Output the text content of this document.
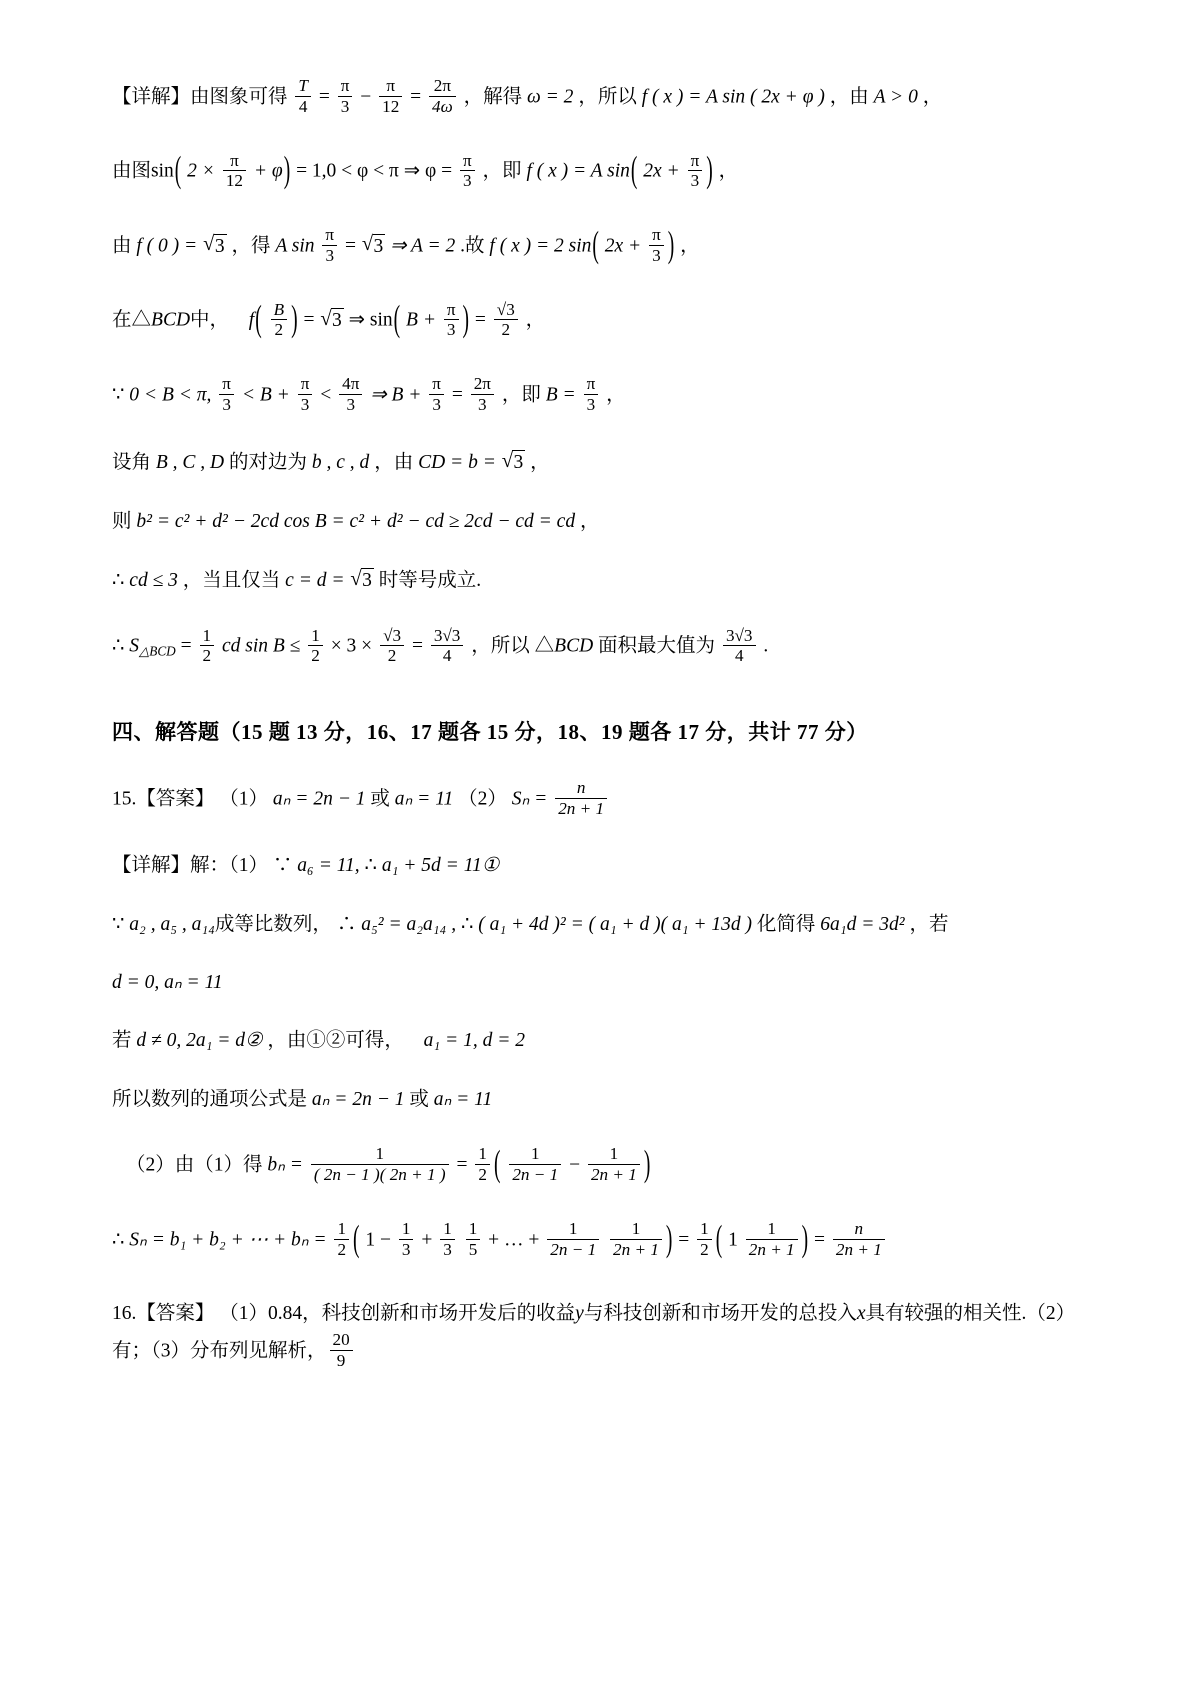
【详解】由图象可得 $\frac{T}{4} = \frac{\pi}{3} - \frac{\pi}{12} = \frac{2\pi}{4\omega}$ ，解得 ω = 2 ，所以 f ( x ) = A sin ( 2x + φ ) ，由 A > 0 ，
由图sin( $2 \times \frac{\pi}{12} + \varphi) = 1,0 < \varphi < \pi$ ⇒ $\varphi = \frac{\pi}{3}$ ，即 f ( x ) = A sin( $2x + \frac{\pi}{3}$ ) ，
由 f ( 0 ) = √ 3 ，得 A $\sin \frac{\pi}{3}$ = √ 3 ⇒ A = 2 .故 f ( x ) = 2 sin( $2x + \frac{\pi}{3}$ ) ，
在△BCD中， $f( \frac{B}{2}$ ) = √ 3 ⇒ sin( $B + \frac{\pi}{3}$ ) = $\frac{√3}{2}$ ，
∵ 0 < B < π, $\frac{\pi}{3} < B + \frac{\pi}{3} < \frac{4\pi}{3}$ ⇒ $B + \frac{\pi}{3} = \frac{2\pi}{3}$ ，即 $B = \frac{\pi}{3}$ ，
设角 B , C , D 的对边为 b , c , d ，由 CD = b = √ 3 ，
则 b² = c² + d² − 2cd cos B = c² + d² − cd ≥ 2cd − cd = cd ，
∴ cd ≤ 3 ，当且仅当 c = d = √ 3 时等号成立.
∴ $S_{\triangle BCD} = \frac{1}{2}$ cd $\sin B \le \frac{1}{2} \times 3 \times \frac{√3}{2} = \frac{3√3}{4}$ ，所以 △BCD 面积最大值为 $\frac{3√3}{4}$ .
四、解答题（15 题 13 分，16、17 题各 15 分，18、19 题各 17 分，共计 77 分）
15.【答案】 （1） aₙ = 2n − 1 或 aₙ = 11 （2） $S_n = \frac{n}{2n + 1}$
【详解】解：（1） ∵ a₆ = 11, ∴ a₁ + 5d = 11①
∵ a₂ , a₅ , a₁₄成等比数列， ∴ a₅² = a₂a₁₄ , ∴ ( a₁ + 4d )² = ( a₁ + d )( a₁ + 13d ) 化简得 6a₁d = 3d² ，若
d = 0, aₙ = 11
若 d ≠ 0, 2a₁ = d② ，由①②可得， a₁ = 1, d = 2
所以数列的通项公式是 aₙ = 2n − 1 或 aₙ = 11
（2）由（1）得 $b_n = \frac{1}{( 2n - 1 )( 2n + 1 )} = \frac{1}{2}$ ( $\frac{1}{2n - 1} - \frac{1}{2n + 1}$ )
∴ Sₙ = b₁ + b₂ + ⋯ + $b_n = \frac{1}{2}$ ( $1 - \frac{1}{3} + \frac{1}{3}$
$\frac{1}{5}$ + … + $\frac{1}{2n - 1}$
$\frac{1}{2n + 1}$ ) = $\frac{1}{2}$ ( $1 \frac{1}{2n + 1}$ ) = $\frac{n}{2n + 1}$
16.【答案】 （1）0.84，科技创新和市场开发后的收益y与科技创新和市场开发的总投入x具有较强的相关性.（2）有；（3）分布列见解析， $\frac{20}{9}$
